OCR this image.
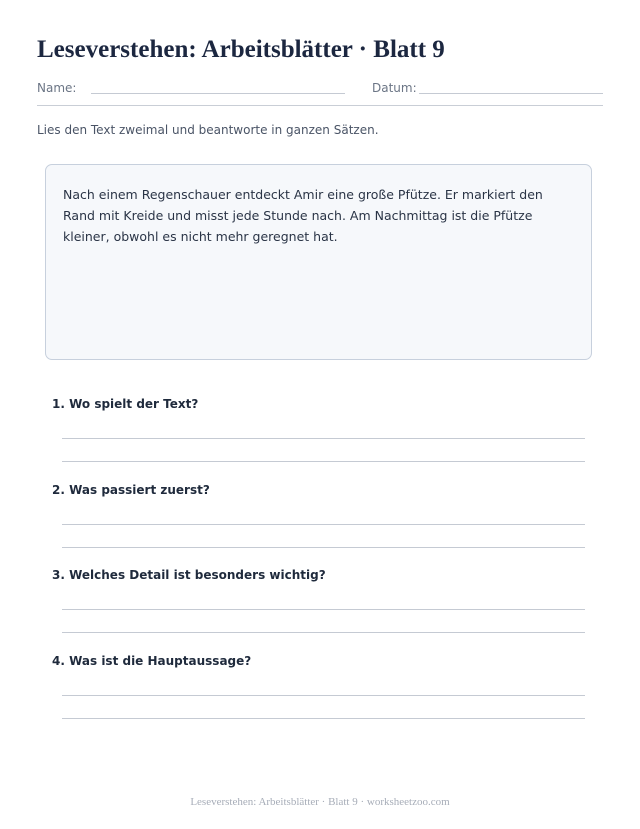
Leseverstehen: Arbeitsblätter · Blatt 9
Name:	Datum:
Lies den Text zweimal und beantworte in ganzen Sätzen.

Nach einem Regenschauer entdeckt Amir eine große Pfütze. Er markiert den Rand mit Kreide und misst jede Stunde nach. Am Nachmittag ist die Pfütze kleiner, obwohl es nicht mehr geregnet hat.

1. Wo spielt der Text?
2. Was passiert zuerst?
3. Welches Detail ist besonders wichtig?
4. Was ist die Hauptaussage?
Leseverstehen: Arbeitsblätter · Blatt 9 · worksheetzoo.com
